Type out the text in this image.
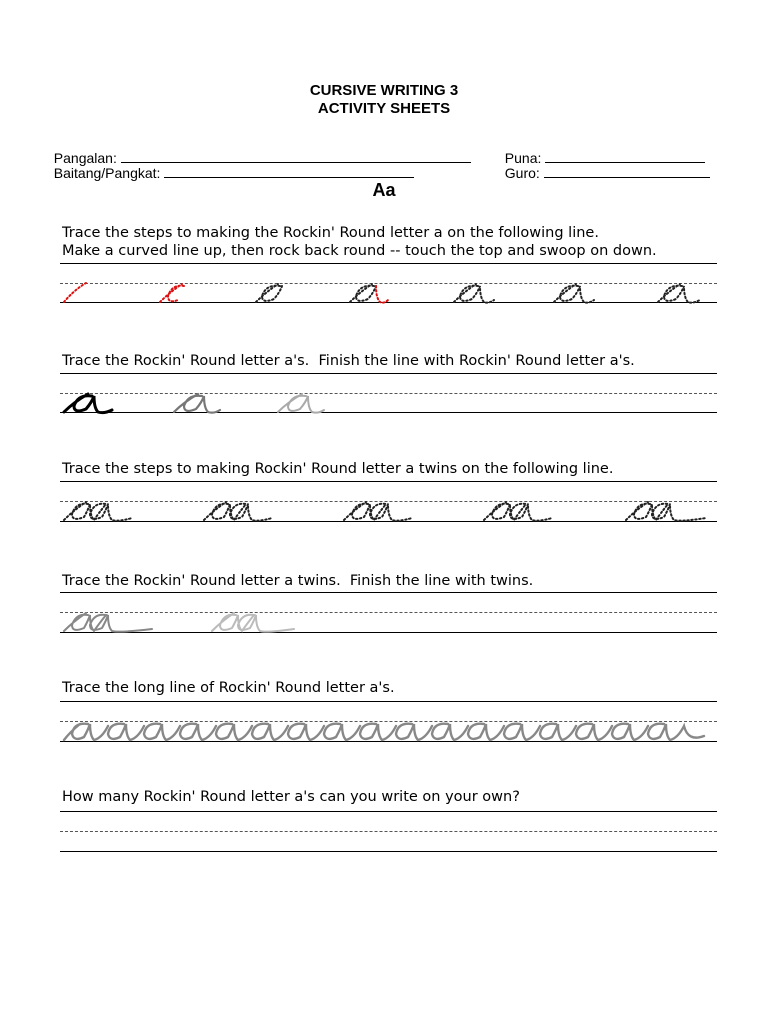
CURSIVE WRITING 3
ACTIVITY SHEETS

Pangalan:

Baitang/Pangkat:

Puna:

Guro:

Aa
Trace the steps to making the Rockin' Round letter a on the following line.
Make a curved line up, then rock back round -- touch the top and swoop on down.
Trace the Rockin' Round letter a's.  Finish the line with Rockin' Round letter a's.
Trace the steps to making Rockin' Round letter a twins on the following line.
Trace the Rockin' Round letter a twins.  Finish the line with twins.
Trace the long line of Rockin' Round letter a's.
How many Rockin' Round letter a's can you write on your own?
